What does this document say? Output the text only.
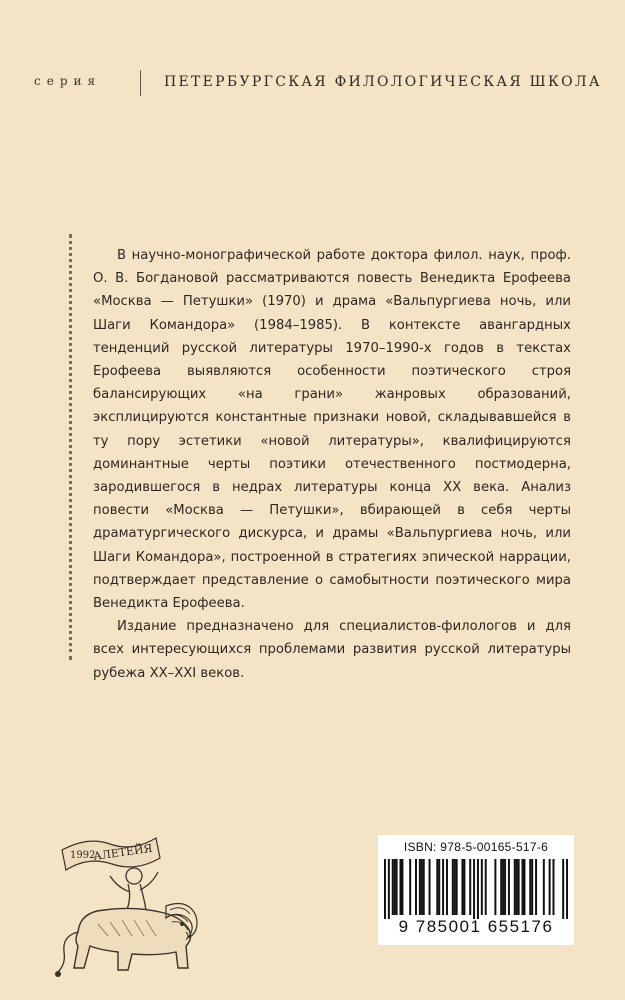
серия	ПЕТЕРБУРГСКАЯ ФИЛОЛОГИЧЕСКАЯ ШКОЛА

В научно-монографической работе доктора филол. наук, проф. О. В. Богдановой рассматриваются повесть Венедикта Ерофеева «Москва — Петушки» (1970) и драма «Вальпургиева ночь, или Шаги Командора» (1984–1985). В контексте авангардных тенденций русской литературы 1970–1990-х годов в текстах Ерофеева выявляются особенности поэтического строя балансирующих «на грани» жанровых образований, эксплицируются константные признаки новой, складывавшейся в ту пору эстетики «новой литературы», квалифицируются доминантные черты поэтики отечественного постмодерна, зародившегося в недрах литературы конца XX века. Анализ повести «Москва — Петушки», вбирающей в себя черты драматургического дискурса, и драмы «Вальпургиева ночь, или Шаги Командора», построенной в стратегиях эпической наррации, подтверждает представление о самобытности поэтического мира Венедикта Ерофеева.

Издание предназначено для специалистов-филологов и для всех интересующихся проблемами развития русской литературы рубежа XX–XXI веков.

1992
АЛЕТЕЙЯ	ISBN: 978-5-00165-517-6
9 785001 655176
